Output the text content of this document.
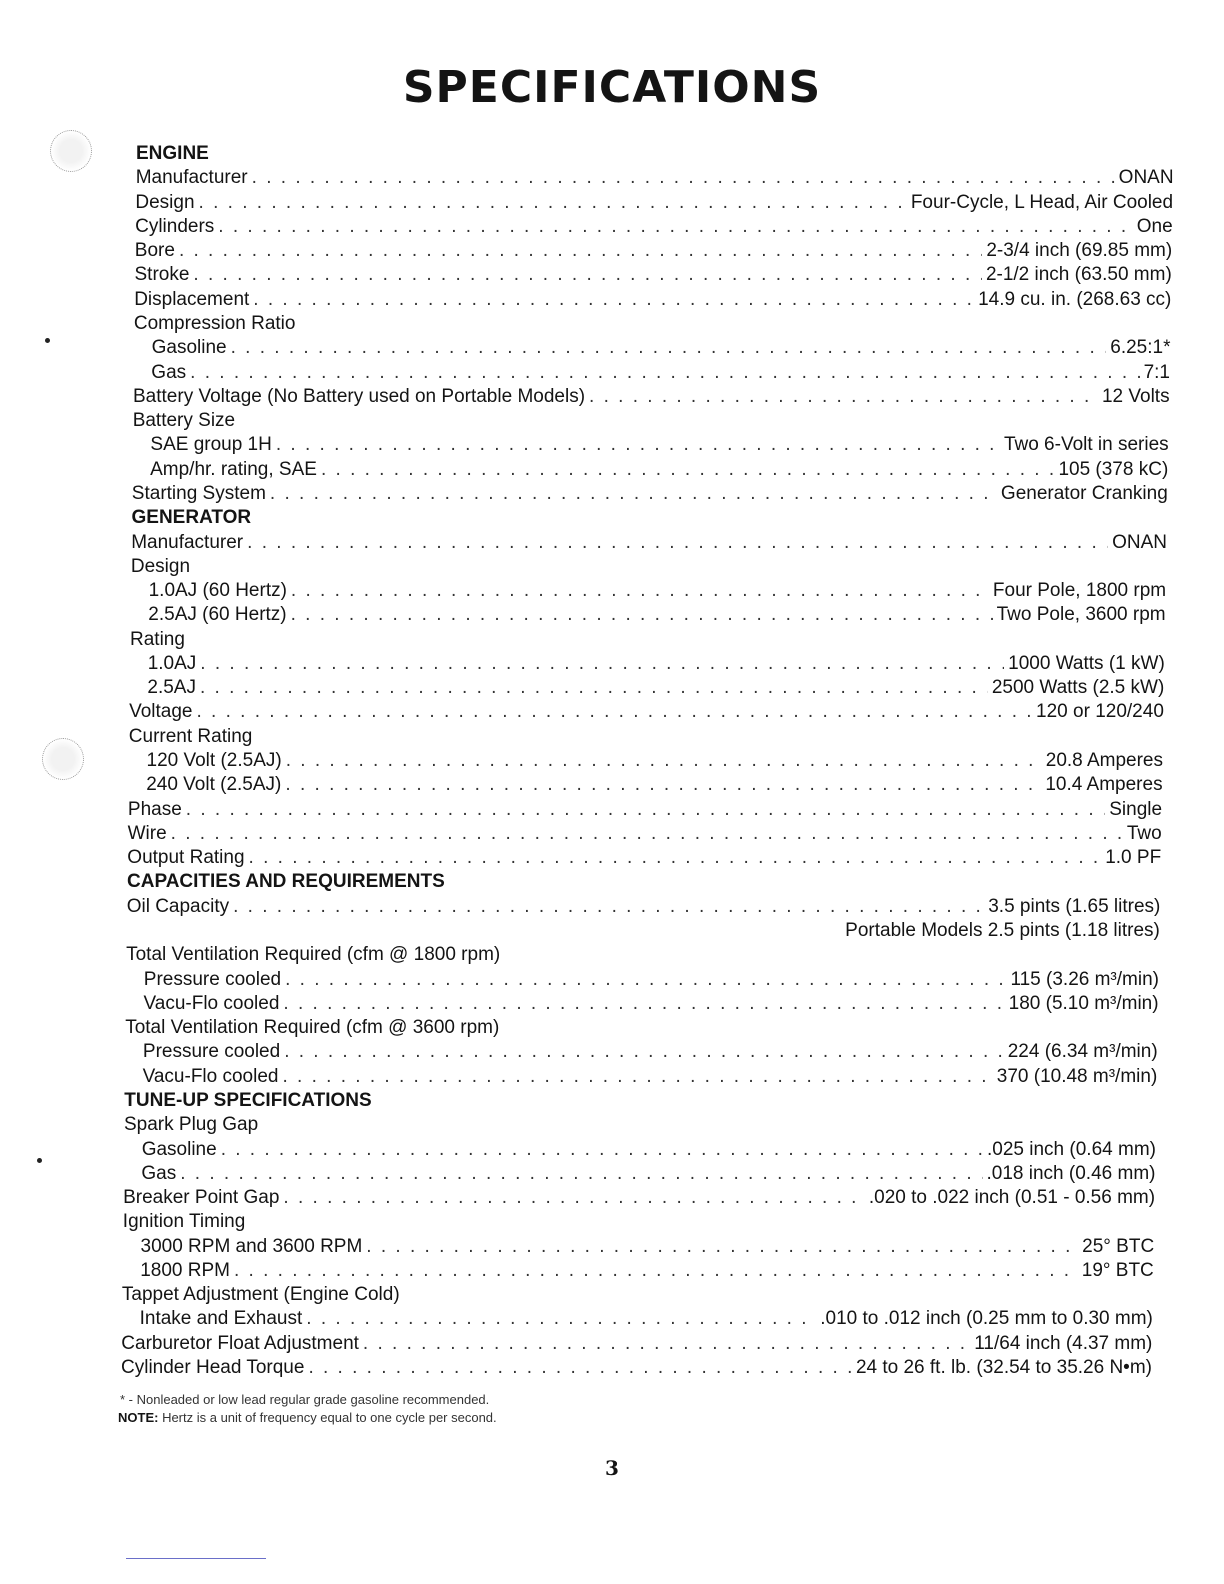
SPECIFICATIONS
ENGINE
Manufacturer . . .	ONAN
Design . . .	Four-Cycle, L Head, Air Cooled
Cylinders . . .	One
Bore . . .	2-3/4 inch (69.85 mm)
Stroke . . .	2-1/2 inch (63.50 mm)
Displacement . . .	14.9 cu. in. (268.63 cc)
Compression Ratio
Gasoline . . .	6.25:1*
Gas . . .	7:1
Battery Voltage (No Battery used on Portable Models) . . .	12 Volts
Battery Size
SAE group 1H . . .	Two 6-Volt in series
Amp/hr. rating, SAE . . .	105 (378 kC)
Starting System . . .	Generator Cranking
GENERATOR
Manufacturer . . .	ONAN
Design
1.0AJ (60 Hertz) . . .	Four Pole, 1800 rpm
2.5AJ (60 Hertz) . . .	Two Pole, 3600 rpm
Rating
1.0AJ . . .	1000 Watts (1 kW)
2.5AJ . . .	2500 Watts (2.5 kW)
Voltage . . .	120 or 120/240
Current Rating
120 Volt (2.5AJ) . . .	20.8 Amperes
240 Volt (2.5AJ) . . .	10.4 Amperes
Phase . . .	Single
Wire . . .	Two
Output Rating . . .	1.0 PF
CAPACITIES AND REQUIREMENTS
Oil Capacity . . .	3.5 pints (1.65 litres)
Portable Models 2.5 pints (1.18 litres)
Total Ventilation Required (cfm @ 1800 rpm)
Pressure cooled . . .	115 (3.26 m³/min)
Vacu-Flo cooled . . .	180 (5.10 m³/min)
Total Ventilation Required (cfm @ 3600 rpm)
Pressure cooled . . .	224 (6.34 m³/min)
Vacu-Flo cooled . . .	370 (10.48 m³/min)
TUNE-UP SPECIFICATIONS
Spark Plug Gap
Gasoline . . .	.025 inch (0.64 mm)
Gas . . .	.018 inch (0.46 mm)
Breaker Point Gap . . .	.020 to .022 inch (0.51 - 0.56 mm)
Ignition Timing
3000 RPM and 3600 RPM . . .	25° BTC
1800 RPM . . .	19° BTC
Tappet Adjustment (Engine Cold)
Intake and Exhaust . . .	.010 to .012 inch (0.25 mm to 0.30 mm)
Carburetor Float Adjustment . . .	11/64 inch (4.37 mm)
Cylinder Head Torque . . .	24 to 26 ft. lb. (32.54 to 35.26 N•m)
* - Nonleaded or low lead regular grade gasoline recommended.
NOTE: Hertz is a unit of frequency equal to one cycle per second.
3
